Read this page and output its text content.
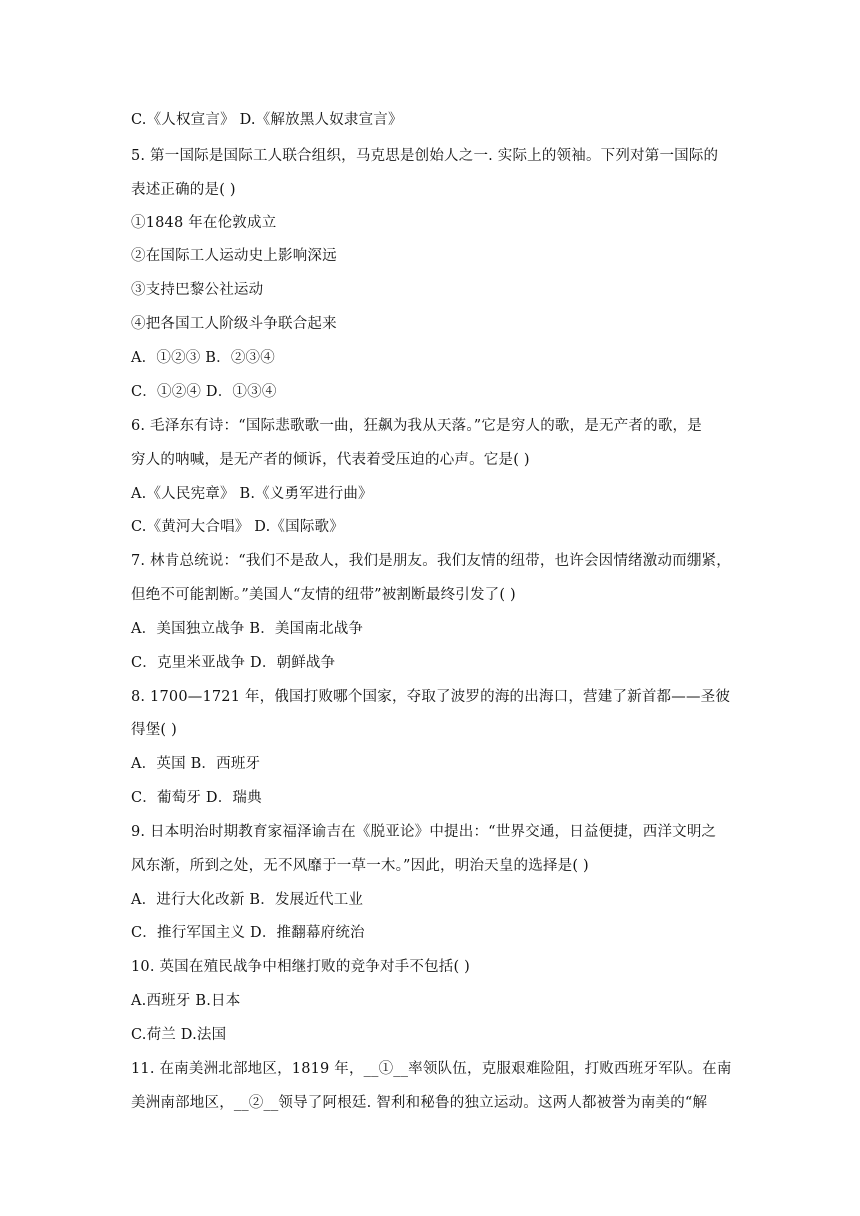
C.《人权宣言》 D.《解放黑人奴隶宣言》
5. 第一国际是国际工人联合组织，马克思是创始人之一. 实际上的领袖。下列对第一国际的
表述正确的是( )
①1848 年在伦敦成立
②在国际工人运动史上影响深远
③支持巴黎公社运动
④把各国工人阶级斗争联合起来
A．①②③ B．②③④
C．①②④ D．①③④
6. 毛泽东有诗：“国际悲歌歌一曲，狂飙为我从天落。”它是穷人的歌，是无产者的歌，是
穷人的呐喊，是无产者的倾诉，代表着受压迫的心声。它是( )
A.《人民宪章》 B.《义勇军进行曲》
C.《黄河大合唱》 D.《国际歌》
7. 林肯总统说：“我们不是敌人，我们是朋友。我们友情的纽带，也许会因情绪激动而绷紧，
但绝不可能割断。”美国人“友情的纽带”被割断最终引发了( )
A．美国独立战争 B．美国南北战争
C．克里米亚战争 D．朝鲜战争
8. 1700—1721 年，俄国打败哪个国家，夺取了波罗的海的出海口，营建了新首都——圣彼
得堡( )
A．英国 B．西班牙
C．葡萄牙 D．瑞典
9. 日本明治时期教育家福泽谕吉在《脱亚论》中提出：“世界交通，日益便捷，西洋文明之
风东渐，所到之处，无不风靡于一草一木。”因此，明治天皇的选择是( )
A．进行大化改新 B．发展近代工业
C．推行军国主义 D．推翻幕府统治
10. 英国在殖民战争中相继打败的竞争对手不包括( )
A.西班牙 B.日本
C.荷兰 D.法国
11. 在南美洲北部地区，1819 年，__①__率领队伍，克服艰难险阻，打败西班牙军队。在南
美洲南部地区，__②__领导了阿根廷. 智利和秘鲁的独立运动。这两人都被誉为南美的“解
